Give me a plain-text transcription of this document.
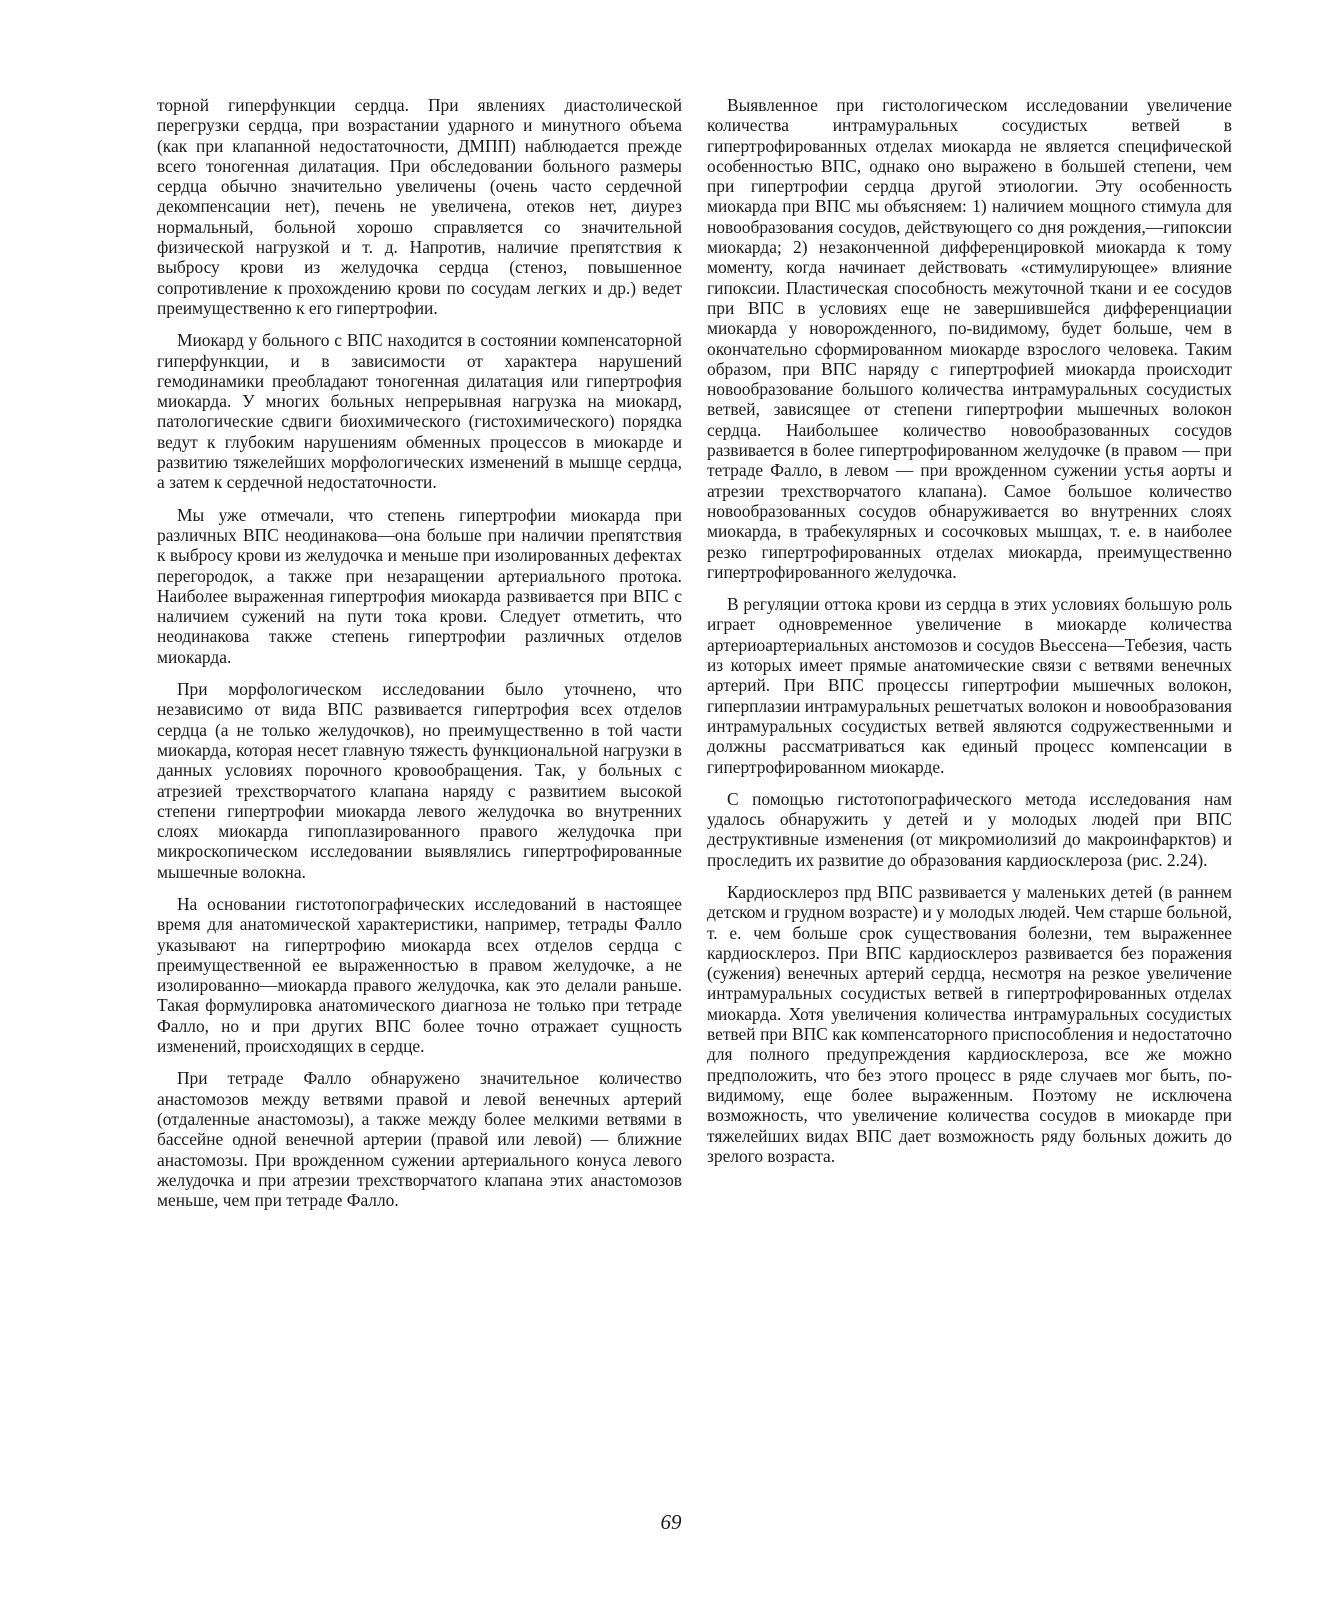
торной гиперфункции сердца. При явлениях диастолической перегрузки сердца, при возрастании ударного и минутного объема (как при клапанной недостаточности, ДМПП) наблюдается прежде всего тоногенная дилатация. При обследовании больного размеры сердца обычно значительно увеличены (очень часто сердечной декомпенсации нет), печень не увеличена, отеков нет, диурез нормальный, больной хорошо справляется со значительной физической нагрузкой и т. д. Напротив, наличие препятствия к выбросу крови из желудочка сердца (стеноз, повышенное сопротивление к прохождению крови по сосудам легких и др.) ведет преимущественно к его гипертрофии.

Миокард у больного с ВПС находится в состоянии компенсаторной гиперфункции, и в зависимости от характера нарушений гемодинамики преобладают тоногенная дилатация или гипертрофия миокарда. У многих больных непрерывная нагрузка на миокард, патологические сдвиги биохимического (гистохимического) порядка ведут к глубоким нарушениям обменных процессов в миокарде и развитию тяжелейших морфологических изменений в мышце сердца, а затем к сердечной недостаточности.

Мы уже отмечали, что степень гипертрофии миокарда при различных ВПС неодинакова—она больше при наличии препятствия к выбросу крови из желудочка и меньше при изолированных дефектах перегородок, а также при незаращении артериального протока. Наиболее выраженная гипертрофия миокарда развивается при ВПС с наличием сужений на пути тока крови. Следует отметить, что неодинакова также степень гипертрофии различных отделов миокарда.

При морфологическом исследовании было уточнено, что независимо от вида ВПС развивается гипертрофия всех отделов сердца (а не только желудочков), но преимущественно в той части миокарда, которая несет главную тяжесть функциональной нагрузки в данных условиях порочного кровообращения. Так, у больных с атрезией трехстворчатого клапана наряду с развитием высокой степени гипертрофии миокарда левого желудочка во внутренних слоях миокарда гипоплазированного правого желудочка при микроскопическом исследовании выявлялись гипертрофированные мышечные волокна.

На основании гистотопографических исследований в настоящее время для анатомической характеристики, например, тетрады Фалло указывают на гипертрофию миокарда всех отделов сердца с преимущественной ее выраженностью в правом желудочке, а не изолированно—миокарда правого желудочка, как это делали раньше. Такая формулировка анатомического диагноза не только при тетраде Фалло, но и при других ВПС более точно отражает сущность изменений, происходящих в сердце.

При тетраде Фалло обнаружено значительное количество анастомозов между ветвями правой и левой венечных артерий (отдаленные анастомозы), а также между более мелкими ветвями в бассейне одной венечной артерии (правой или левой) — ближние анастомозы. При врожденном сужении артериального конуса левого желудочка и при атрезии трехстворчатого клапана этих анастомозов меньше, чем при тетраде Фалло.

Выявленное при гистологическом исследовании увеличение количества интрамуральных сосудистых ветвей в гипертрофированных отделах миокарда не является специфической особенностью ВПС, однако оно выражено в большей степени, чем при гипертрофии сердца другой этиологии. Эту особенность миокарда при ВПС мы объясняем: 1) наличием мощного стимула для новообразования сосудов, действующего со дня рождения,—гипоксии миокарда; 2) незаконченной дифференцировкой миокарда к тому моменту, когда начинает действовать «стимулирующее» влияние гипоксии. Пластическая способность межуточной ткани и ее сосудов при ВПС в условиях еще не завершившейся дифференциации миокарда у новорожденного, по-видимому, будет больше, чем в окончательно сформированном миокарде взрослого человека. Таким образом, при ВПС наряду с гипертрофией миокарда происходит новообразование большого количества интрамуральных сосудистых ветвей, зависящее от степени гипертрофии мышечных волокон сердца. Наибольшее количество новообразованных сосудов развивается в более гипертрофированном желудочке (в правом — при тетраде Фалло, в левом — при врожденном сужении устья аорты и атрезии трехстворчатого клапана). Самое большое количество новообразованных сосудов обнаруживается во внутренних слоях миокарда, в трабекулярных и сосочковых мышцах, т. е. в наиболее резко гипертрофированных отделах миокарда, преимущественно гипертрофированного желудочка.

В регуляции оттока крови из сердца в этих условиях большую роль играет одновременное увеличение в миокарде количества артериоартериальных анстомозов и сосудов Вьессена—Тебезия, часть из которых имеет прямые анатомические связи с ветвями венечных артерий. При ВПС процессы гипертрофии мышечных волокон, гиперплазии интрамуральных решетчатых волокон и новообразования интрамуральных сосудистых ветвей являются содружественными и должны рассматриваться как единый процесс компенсации в гипертрофированном миокарде.

С помощью гистотопографического метода исследования нам удалось обнаружить у детей и у молодых людей при ВПС деструктивные изменения (от микромиолизий до макроинфарктов) и проследить их развитие до образования кардиосклероза (рис. 2.24).

Кардиосклероз прд ВПС развивается у маленьких детей (в раннем детском и грудном возрасте) и у молодых людей. Чем старше больной, т. е. чем больше срок существования болезни, тем выраженнее кардиосклероз. При ВПС кардиосклероз развивается без поражения (сужения) венечных артерий сердца, несмотря на резкое увеличение интрамуральных сосудистых ветвей в гипертрофированных отделах миокарда. Хотя увеличения количества интрамуральных сосудистых ветвей при ВПС как компенсаторного приспособления и недостаточно для полного предупреждения кардиосклероза, все же можно предположить, что без этого процесс в ряде случаев мог быть, по-видимому, еще более выраженным. Поэтому не исключена возможность, что увеличение количества сосудов в миокарде при тяжелейших видах ВПС дает возможность ряду больных дожить до зрелого возраста.

69
